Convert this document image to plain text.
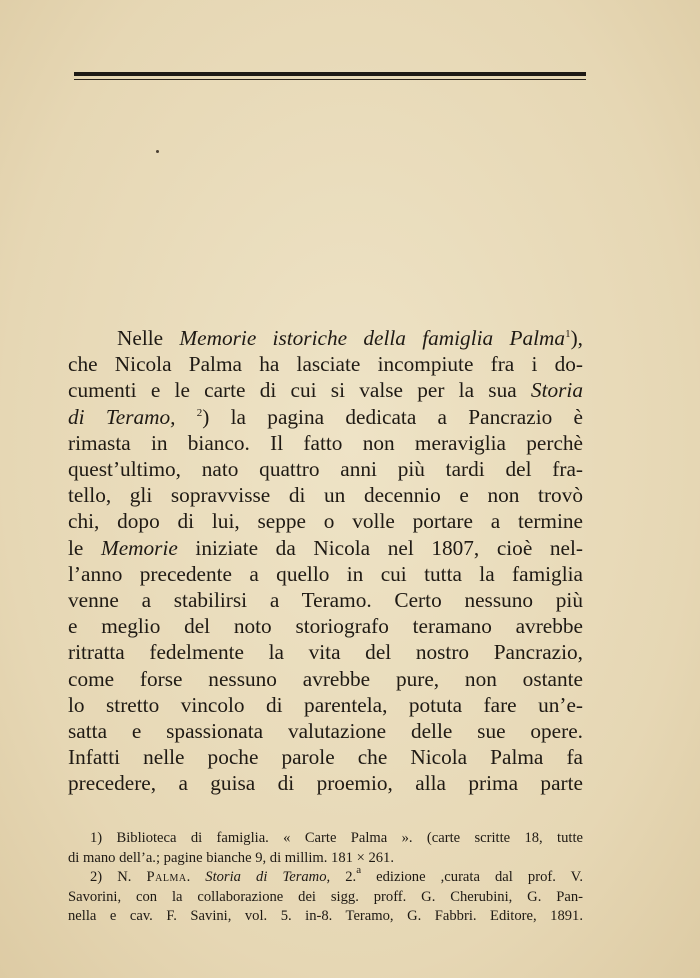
Nelle Memorie istoriche della famiglia Palma$^1$),
che Nicola Palma ha lasciate incompiute fra i do-
cumenti e le carte di cui si valse per la sua Storia
di Teramo, $^2$) la pagina dedicata a Pancrazio è
rimasta in bianco. Il fatto non meraviglia perchè
quest’ultimo, nato quattro anni più tardi del fra-
tello, gli sopravvisse di un decennio e non trovò
chi, dopo di lui, seppe o volle portare a termine
le Memorie iniziate da Nicola nel 1807, cioè nel-
l’anno precedente a quello in cui tutta la famiglia
venne a stabilirsi a Teramo. Certo nessuno più
e meglio del noto storiografo teramano avrebbe
ritratta fedelmente la vita del nostro Pancrazio,
come forse nessuno avrebbe pure, non ostante
lo stretto vincolo di parentela, potuta fare un’e-
satta e spassionata valutazione delle sue opere.
Infatti nelle poche parole che Nicola Palma fa
precedere, a guisa di proemio, alla prima parte
1) Biblioteca di famiglia. « Carte Palma ». (carte scritte 18, tutte
di mano dell’a.; pagine bianche 9, di millim. 181 × 261.
2) N. Palma. Storia di Teramo, 2.$^a$ edizione ,curata dal prof. V.
Savorini, con la collaborazione dei sigg. proff. G. Cherubini, G. Pan-
nella e cav. F. Savini, vol. 5. in-8. Teramo, G. Fabbri. Editore, 1891.
